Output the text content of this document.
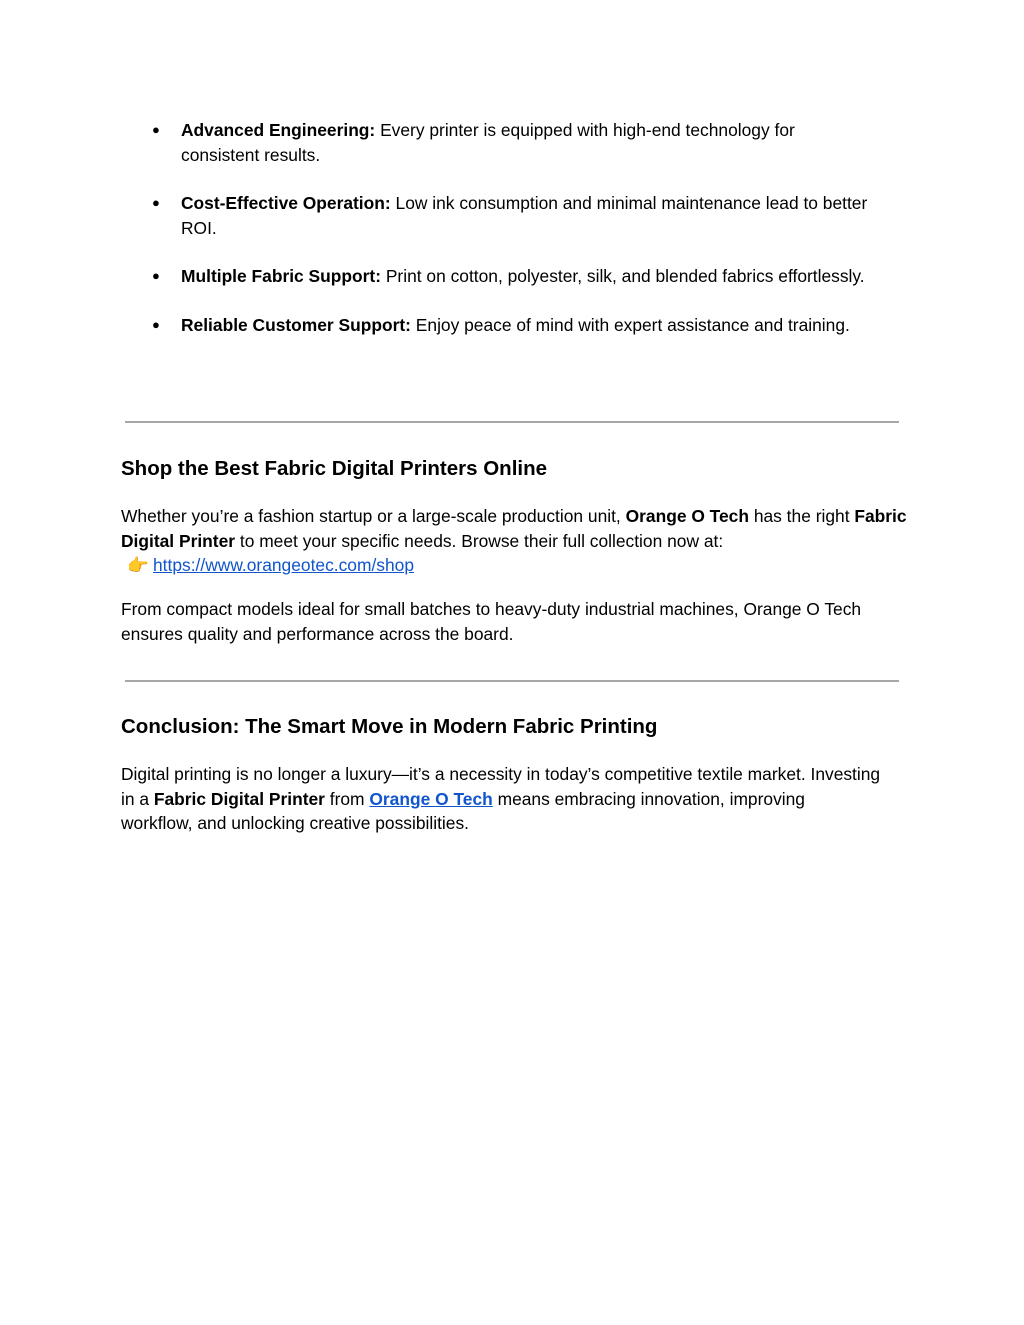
● Advanced Engineering: Every printer is equipped with high-end technology for consistent results.
● Cost-Effective Operation: Low ink consumption and minimal maintenance lead to better ROI.
● Multiple Fabric Support: Print on cotton, polyester, silk, and blended fabrics effortlessly.
● Reliable Customer Support: Enjoy peace of mind with expert assistance and training.
Shop the Best Fabric Digital Printers Online

Whether you’re a fashion startup or a large-scale production unit, Orange O Tech has the right Fabric Digital Printer to meet your specific needs. Browse their full collection now at:
👉 https://www.orangeotec.com/shop

From compact models ideal for small batches to heavy-duty industrial machines, Orange O Tech ensures quality and performance across the board.

Conclusion: The Smart Move in Modern Fabric Printing

Digital printing is no longer a luxury—it’s a necessity in today’s competitive textile market. Investing in a Fabric Digital Printer from Orange O Tech means embracing innovation, improving workflow, and unlocking creative possibilities.
